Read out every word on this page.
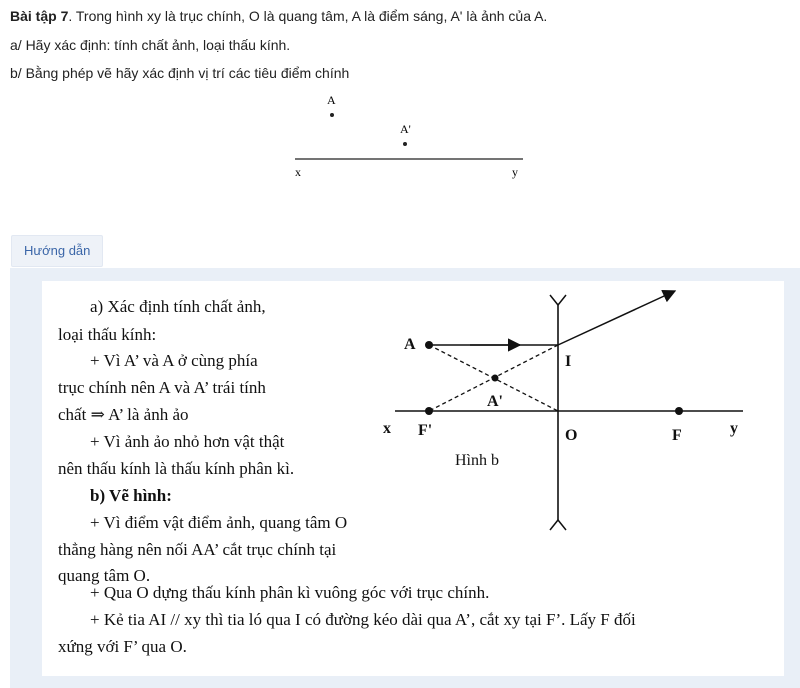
Bài tập 7. Trong hình xy là trục chính, O là quang tâm, A là điểm sáng, A' là ảnh của A.
a/ Hãy xác định: tính chất ảnh, loại thấu kính.
b/ Bằng phép vẽ hãy xác định vị trí các tiêu điểm chính
A
A'
x	y
Hướng dẫn
a) Xác định tính chất ảnh,
loại thấu kính:
+ Vì A’ và A ở cùng phía
trục chính nên A và A’ trái tính
chất ⇒ A’ là ảnh ảo
+ Vì ảnh ảo nhỏ hơn vật thật
nên thấu kính là thấu kính phân kì.
b) Vẽ hình:
+ Vì điểm vật điểm ảnh, quang tâm O
thẳng hàng nên nối AA’ cắt trục chính tại
quang tâm O.
+ Qua O dựng thấu kính phân kì vuông góc với trục chính.
+ Kẻ tia AI // xy thì tia ló qua I có đường kéo dài qua A’, cắt xy tại F’. Lấy F đối
xứng với F’ qua O.
A
A'
I
x F'	O	F	y
Hình b
